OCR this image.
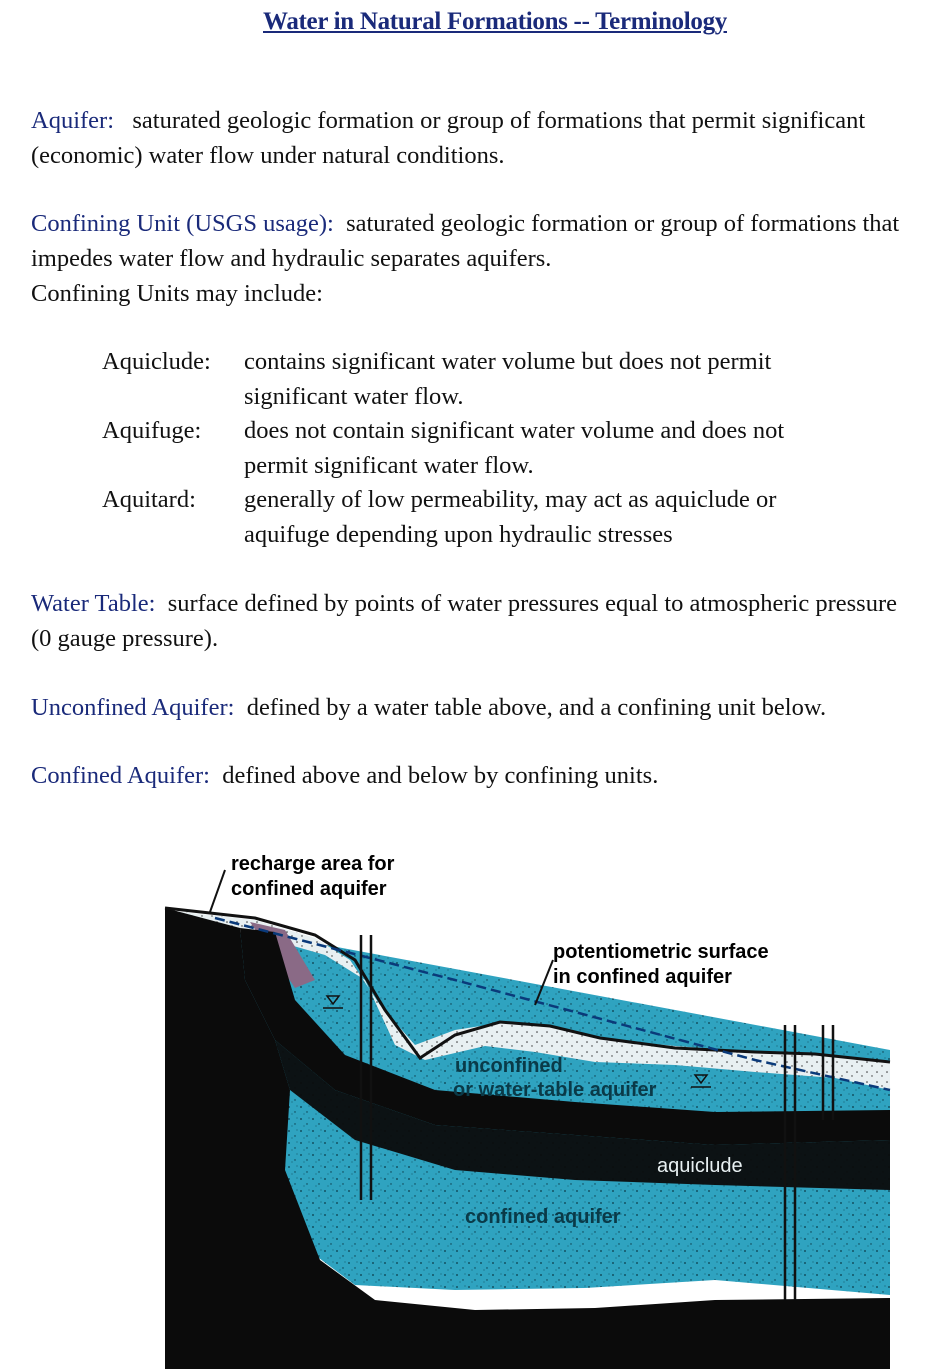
Water in Natural Formations -- Terminology
Aquifer: saturated geologic formation or group of formations that permit significant (economic) water flow under natural conditions.
Confining Unit (USGS usage): saturated geologic formation or group of formations that impedes water flow and hydraulic separates aquifers.
Confining Units may include:
Aquiclude: contains significant water volume but does not permit
significant water flow.
Aquifuge: does not contain significant water volume and does not
permit significant water flow.
Aquitard: generally of low permeability, may act as aquiclude or
aquifuge depending upon hydraulic stresses
Water Table: surface defined by points of water pressures equal to atmospheric pressure (0 gauge pressure).
Unconfined Aquifer: defined by a water table above, and a confining unit below.
Confined Aquifer: defined above and below by confining units.
recharge area for
confined aquifer
potentiometric surface
in confined aquifer
unconfined
or water-table aquifer
aquiclude
confined aquifer
